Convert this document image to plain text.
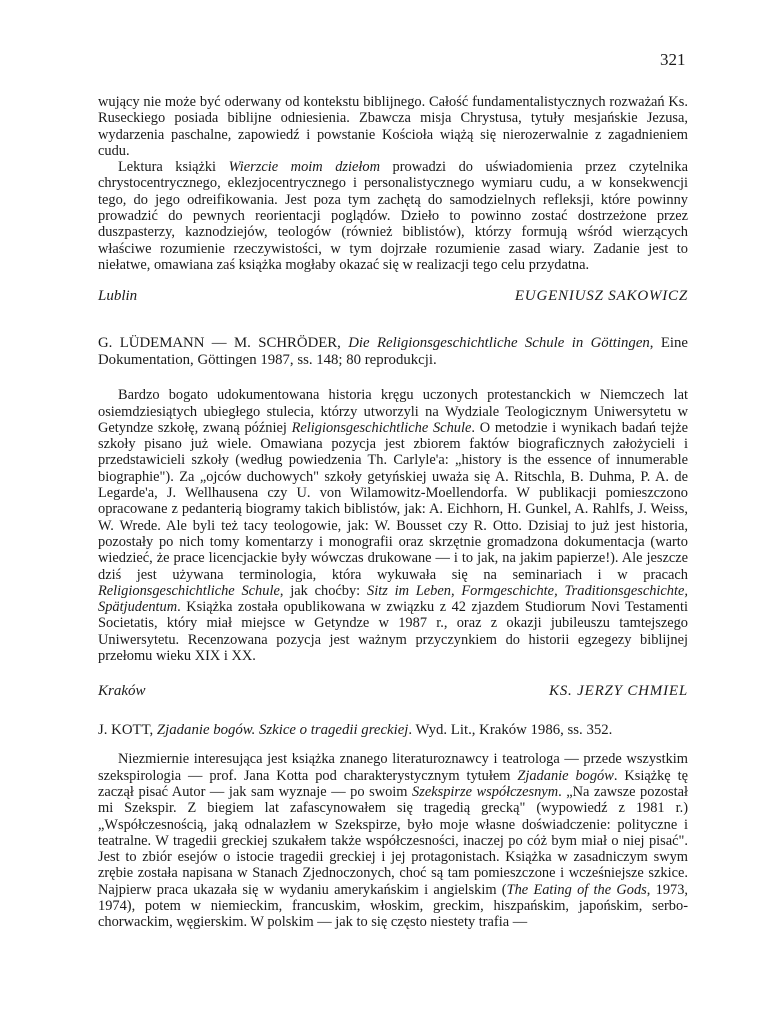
321

wujący nie może być oderwany od kontekstu biblijnego. Całość fundamentalistycznych rozważań Ks. Ruseckiego posiada biblijne odniesienia. Zbawcza misja Chrystusa, tytuły mesjańskie Jezusa, wydarzenia paschalne, zapowiedź i powstanie Kościoła wiążą się nierozerwalnie z zagadnieniem cudu.

Lektura książki Wierzcie moim dziełom prowadzi do uświadomienia przez czytelnika chrystocentrycznego, eklezjocentrycznego i personalistycznego wymiaru cudu, a w konsekwencji tego, do jego odreifikowania. Jest poza tym zachętą do samodzielnych refleksji, które powinny prowadzić do pewnych reorientacji poglądów. Dzieło to powinno zostać dostrzeżone przez duszpasterzy, kaznodziejów, teologów (również biblistów), którzy formują wśród wierzących właściwe rozumienie rzeczywistości, w tym dojrzałe rozumienie zasad wiary. Zadanie jest to niełatwe, omawiana zaś książka mogłaby okazać się w realizacji tego celu przydatna.

Lublin	EUGENIUSZ SAKOWICZ

G. LÜDEMANN — M. SCHRÖDER, Die Religionsgeschichtliche Schule in Göttingen, Eine Dokumentation, Göttingen 1987, ss. 148; 80 reprodukcji.

Bardzo bogato udokumentowana historia kręgu uczonych protestanckich w Niemczech lat osiemdziesiątych ubiegłego stulecia, którzy utworzyli na Wydziale Teologicznym Uniwersytetu w Getyndze szkołę, zwaną później Religionsgeschichtliche Schule. O metodzie i wynikach badań tejże szkoły pisano już wiele. Omawiana pozycja jest zbiorem faktów biograficznych założycieli i przedstawicieli szkoły (według powiedzenia Th. Carlyle'a: „history is the essence of innumerable biographie"). Za „ojców duchowych" szkoły getyńskiej uważa się A. Ritschla, B. Duhma, P. A. de Legarde'a, J. Wellhausena czy U. von Wilamowitz-Moellendorfa. W publikacji pomieszczono opracowane z pedanterią biogramy takich biblistów, jak: A. Eichhorn, H. Gunkel, A. Rahlfs, J. Weiss, W. Wrede. Ale byli też tacy teologowie, jak: W. Bousset czy R. Otto. Dzisiaj to już jest historia, pozostały po nich tomy komentarzy i monografii oraz skrzętnie gromadzona dokumentacja (warto wiedzieć, że prace licencjackie były wówczas drukowane — i to jak, na jakim papierze!). Ale jeszcze dziś jest używana terminologia, która wykuwała się na seminariach i w pracach Religionsgeschichtliche Schule, jak choćby: Sitz im Leben, Formgeschichte, Traditionsgeschichte, Spätjudentum. Książka została opublikowana w związku z 42 zjazdem Studiorum Novi Testamenti Societatis, który miał miejsce w Getyndze w 1987 r., oraz z okazji jubileuszu tamtejszego Uniwersytetu. Recenzowana pozycja jest ważnym przyczynkiem do historii egzegezy biblijnej przełomu wieku XIX i XX.

Kraków	KS. JERZY CHMIEL

J. KOTT, Zjadanie bogów. Szkice o tragedii greckiej. Wyd. Lit., Kraków 1986, ss. 352.

Niezmiernie interesująca jest książka znanego literaturoznawcy i teatrologa — przede wszystkim szekspirologia — prof. Jana Kotta pod charakterystycznym tytułem Zjadanie bogów. Książkę tę zaczął pisać Autor — jak sam wyznaje — po swoim Szekspirze współczesnym. „Na zawsze pozostał mi Szekspir. Z biegiem lat zafascynowałem się tragedią grecką" (wypowiedź z 1981 r.) „Współczesnością, jaką odnalazłem w Szekspirze, było moje własne doświadczenie: polityczne i teatralne. W tragedii greckiej szukałem także współczesności, inaczej po cóż bym miał o niej pisać". Jest to zbiór esejów o istocie tragedii greckiej i jej protagonistach. Książka w zasadniczym swym zrębie została napisana w Stanach Zjednoczonych, choć są tam pomieszczone i wcześniejsze szkice. Najpierw praca ukazała się w wydaniu amerykańskim i angielskim (The Eating of the Gods, 1973, 1974), potem w niemieckim, francuskim, włoskim, greckim, hiszpańskim, japońskim, serbo-chorwackim, węgierskim. W polskim — jak to się często niestety trafia —
